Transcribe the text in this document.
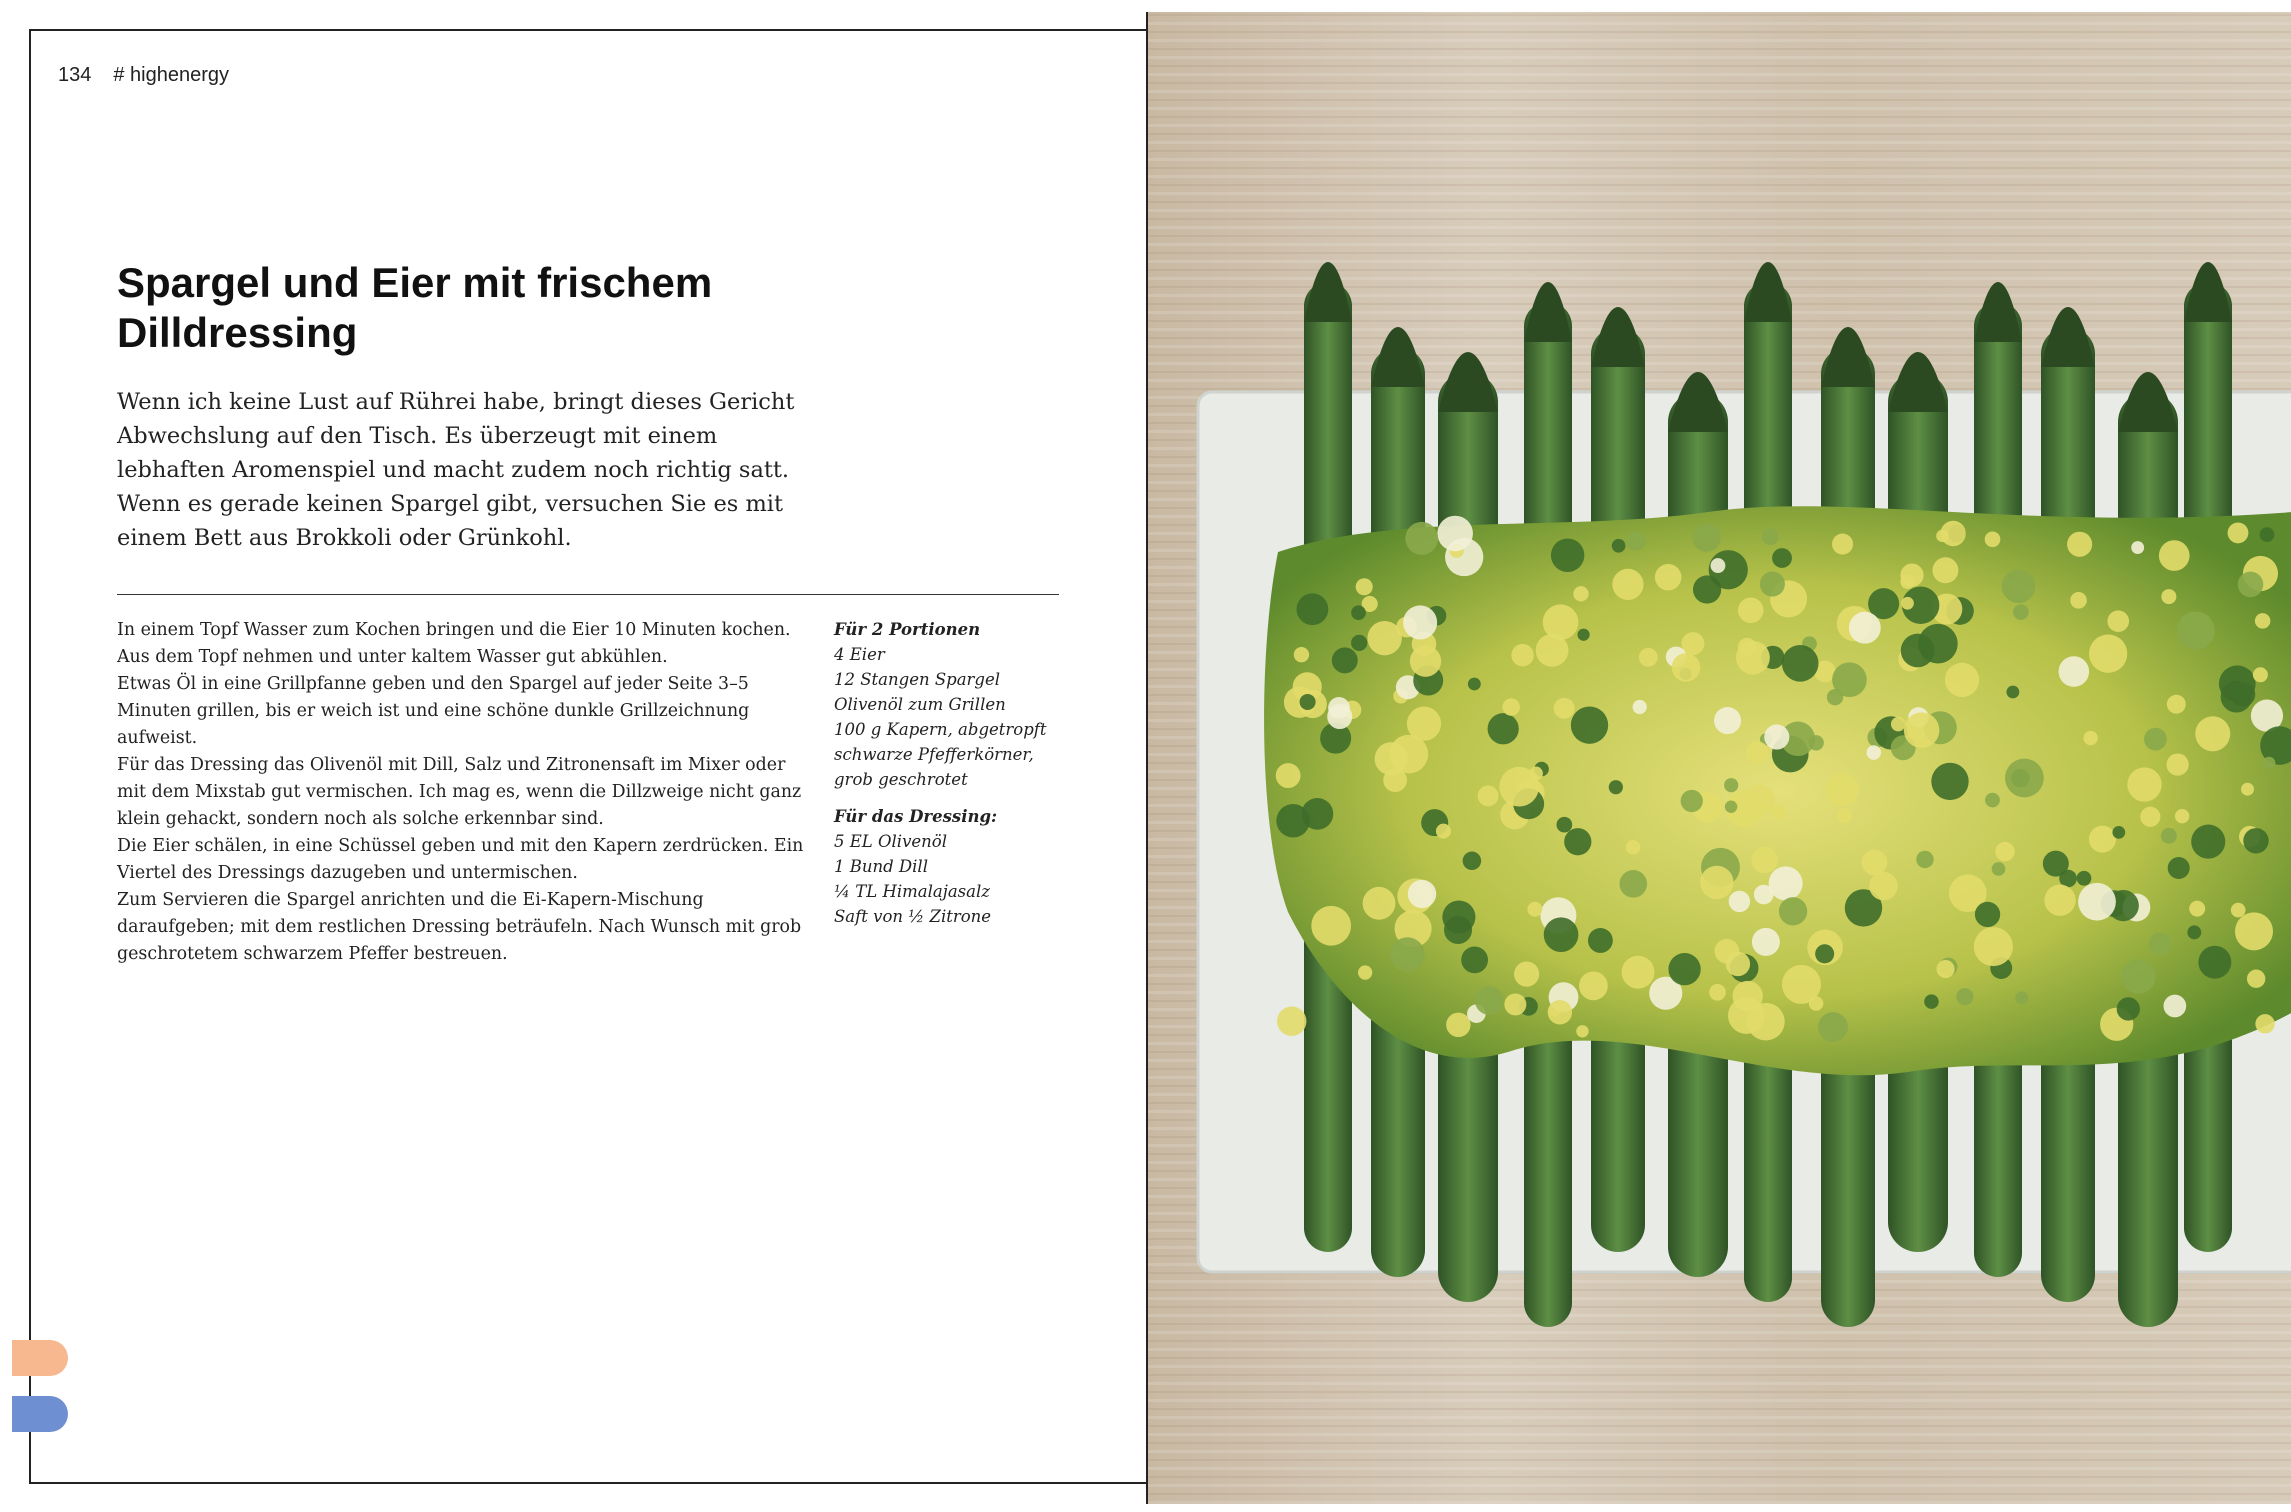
134 # highenergy
Spargel und Eier mit frischem Dilldressing

Wenn ich keine Lust auf Rührei habe, bringt dieses Gericht Abwechslung auf den Tisch. Es überzeugt mit einem lebhaften Aromenspiel und macht zudem noch richtig satt. Wenn es gerade keinen Spargel gibt, versuchen Sie es mit einem Bett aus Brokkoli oder Grünkohl.

In einem Topf Wasser zum Kochen bringen und die Eier 10 Minuten kochen. Aus dem Topf nehmen und unter kaltem Wasser gut abkühlen.

Etwas Öl in eine Grillpfanne geben und den Spargel auf jeder Seite 3–5 Minuten grillen, bis er weich ist und eine schöne dunkle Grillzeichnung aufweist.

Für das Dressing das Olivenöl mit Dill, Salz und Zitronensaft im Mixer oder mit dem Mixstab gut vermischen. Ich mag es, wenn die Dillzweige nicht ganz klein gehackt, sondern noch als solche erkennbar sind.

Die Eier schälen, in eine Schüssel geben und mit den Kapern zerdrücken. Ein Viertel des Dressings dazugeben und untermischen.

Zum Servieren die Spargel anrichten und die Ei-Kapern-Mischung daraufgeben; mit dem restlichen Dressing beträufeln. Nach Wunsch mit grob geschrotetem schwarzem Pfeffer bestreuen.

Für 2 Portionen
4 Eier
12 Stangen Spargel
Olivenöl zum Grillen
100 g Kapern, abgetropft
schwarze Pfefferkörner, grob geschrotet
Für das Dressing:
5 EL Olivenöl
1 Bund Dill
¼ TL Himalajasalz
Saft von ½ Zitrone
